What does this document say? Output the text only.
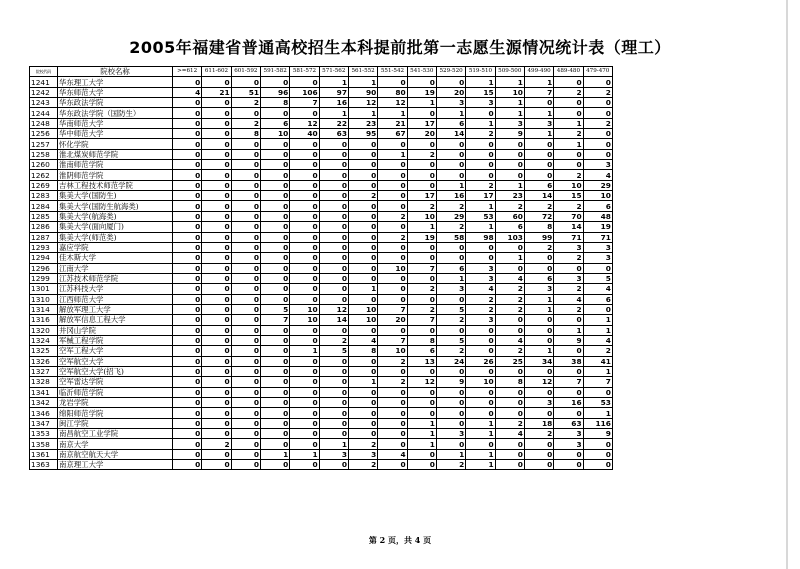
2005年福建省普通高校招生本科提前批第一志愿生源情况统计表（理工）
院校代码	院校名称	>=612	611-602	601-592	591-582	581-572	571-562	561-552	551-542	541-530	529-520	519-510	509-500	499-490	489-480	479-470
1241	华东理工大学	0	0	0	0	0	1	1	0	0	0	1	1	1	0	0
1242	华东师范大学	4	21	51	96	106	97	90	80	19	20	15	10	7	2	2
1243	华东政法学院	0	0	2	8	7	16	12	12	1	3	3	1	0	0	0
1244	华东政法学院（国防生）	0	0	0	0	0	1	1	1	0	1	0	1	1	0	0
1248	华南师范大学	0	0	2	6	12	22	23	21	17	6	1	3	3	1	2
1256	华中师范大学	0	0	8	10	40	63	95	67	20	14	2	9	1	2	0
1257	怀化学院	0	0	0	0	0	0	0	0	0	0	0	0	0	1	0
1258	淮北煤炭师范学院	0	0	0	0	0	0	0	1	2	0	0	0	0	0	0
1260	淮南师范学院	0	0	0	0	0	0	0	0	0	0	0	0	0	0	3
1262	淮阴师范学院	0	0	0	0	0	0	0	0	0	0	0	0	0	2	4
1269	吉林工程技术师范学院	0	0	0	0	0	0	0	0	0	1	2	1	6	10	29
1283	集美大学(国防生)	0	0	0	0	0	0	2	0	17	16	17	23	14	15	10
1284	集美大学(国防生航海类)	0	0	0	0	0	0	0	0	2	2	1	2	2	2	6
1285	集美大学(航海类)	0	0	0	0	0	0	0	2	10	29	53	60	72	70	48
1286	集美大学(面向厦门)	0	0	0	0	0	0	0	0	1	2	1	6	8	14	19
1287	集美大学(师范类)	0	0	0	0	0	0	0	2	19	58	98	103	99	71	71
1293	嘉应学院	0	0	0	0	0	0	0	0	0	0	0	0	2	3	3
1294	佳木斯大学	0	0	0	0	0	0	0	0	0	0	0	1	0	2	3
1296	江南大学	0	0	0	0	0	0	0	10	7	6	3	0	0	0	0
1299	江苏技术师范学院	0	0	0	0	0	0	0	0	0	1	3	4	6	3	5
1301	江苏科技大学	0	0	0	0	0	0	1	0	2	3	4	2	3	2	4
1310	江西师范大学	0	0	0	0	0	0	0	0	0	0	2	2	1	4	6
1314	解放军理工大学	0	0	0	5	10	12	10	7	2	5	2	2	1	2	0
1316	解放军信息工程大学	0	0	0	7	10	14	10	20	7	2	3	0	0	0	1
1320	井冈山学院	0	0	0	0	0	0	0	0	0	0	0	0	0	1	1
1324	军械工程学院	0	0	0	0	0	2	4	7	8	5	0	4	0	9	4
1325	空军工程大学	0	0	0	0	1	5	8	10	6	2	0	2	1	0	2
1326	空军航空大学	0	0	0	0	0	0	0	2	13	24	26	25	34	38	41
1327	空军航空大学(招飞)	0	0	0	0	0	0	0	0	0	0	0	0	0	0	1
1328	空军雷达学院	0	0	0	0	0	0	1	2	12	9	10	8	12	7	7
1341	临沂师范学院	0	0	0	0	0	0	0	0	0	0	0	0	0	0	0
1342	龙岩学院	0	0	0	0	0	0	0	0	0	0	0	0	3	16	53
1346	绵阳师范学院	0	0	0	0	0	0	0	0	0	0	0	0	0	0	1
1347	闽江学院	0	0	0	0	0	0	0	0	1	0	1	2	18	63	116
1353	南昌航空工业学院	0	0	0	0	0	0	0	0	1	3	1	4	2	3	9
1358	南京大学	0	2	0	0	0	1	2	0	1	0	0	0	0	3	0
1361	南京航空航天大学	0	0	0	1	1	3	3	4	0	1	1	0	0	0	0
1363	南京理工大学	0	0	0	0	0	0	2	0	0	2	1	0	0	0	0
第 2 页，共 4 页
